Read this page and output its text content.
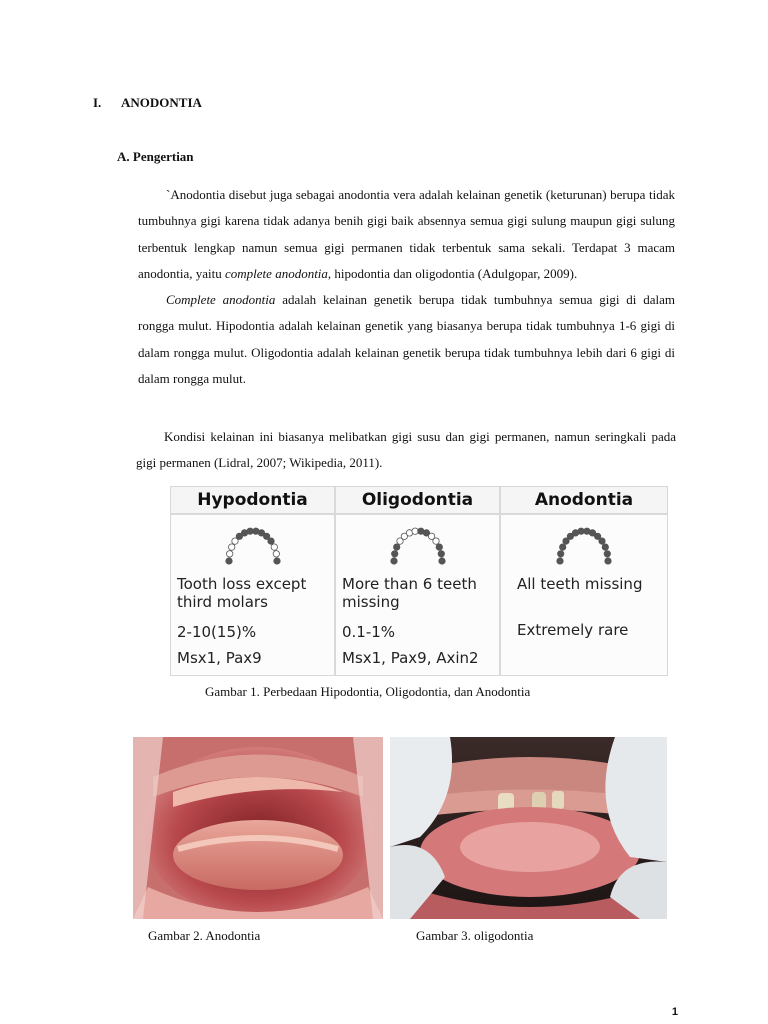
I. ANODONTIA
A. Pengertian

`Anodontia disebut juga sebagai anodontia vera adalah kelainan genetik (keturunan) berupa tidak tumbuhnya gigi karena tidak adanya benih gigi baik absennya semua gigi sulung maupun gigi sulung terbentuk lengkap namun semua gigi permanen tidak terbentuk sama sekali. Terdapat 3 macam anodontia, yaitu complete anodontia, hipodontia dan oligodontia (Adulgopar, 2009).

Complete anodontia adalah kelainan genetik berupa tidak tumbuhnya semua gigi di dalam rongga mulut. Hipodontia adalah kelainan genetik yang biasanya berupa tidak tumbuhnya 1-6 gigi di dalam rongga mulut. Oligodontia adalah kelainan genetik berupa tidak tumbuhnya lebih dari 6 gigi di dalam rongga mulut.

Kondisi kelainan ini biasanya melibatkan gigi susu dan gigi permanen, namun seringkali pada gigi permanen (Lidral, 2007; Wikipedia, 2011).

Hypodontia
Tooth loss except third molars
2-10(15)%
Msx1, Pax9
Oligodontia
More than 6 teeth missing
0.1-1%
Msx1, Pax9, Axin2
Anodontia
All teeth missing
Extremely rare
Gambar 1. Perbedaan Hipodontia, Oligodontia, dan Anodontia
Gambar 2. Anodontia	Gambar 3. oligodontia
1
